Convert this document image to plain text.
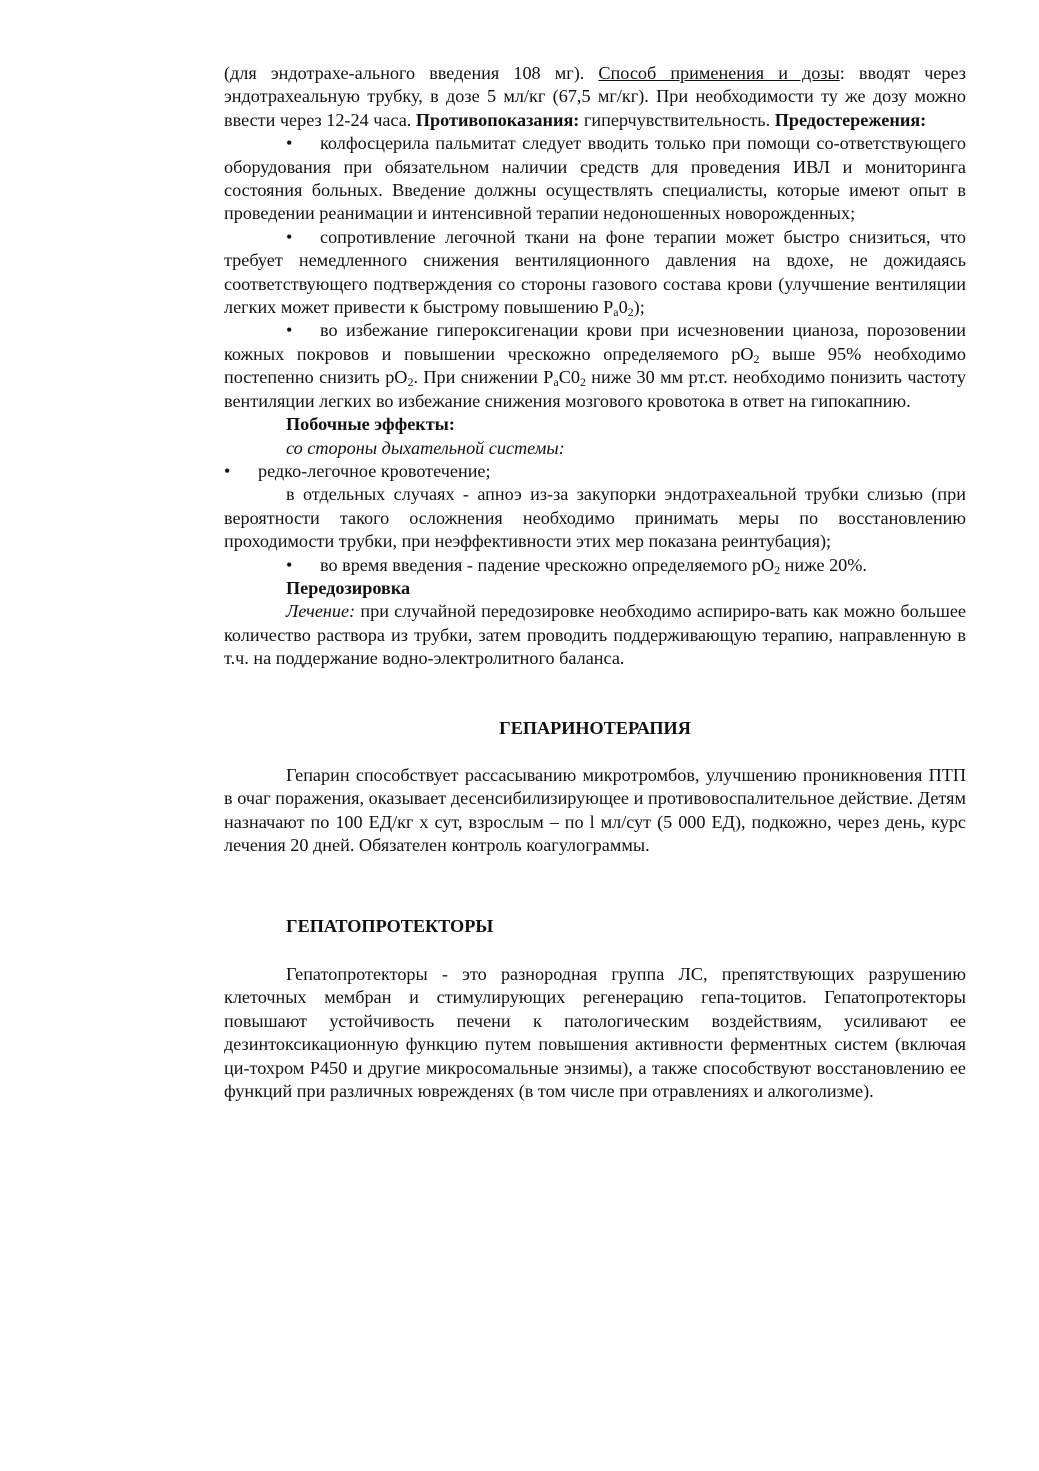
(для эндотрахе-ального введения 108 мг). Способ применения и дозы: вводят через эндотрахеальную трубку, в дозе 5 мл/кг (67,5 мг/кг). При необходимости ту же дозу можно ввести через 12-24 часа. Противопоказания: гиперчувствительность. Предостережения:

• колфосцерила пальмитат следует вводить только при помощи со-ответствующего оборудования при обязательном наличии средств для проведения ИВЛ и мониторинга состояния больных. Введение должны осуществлять специалисты, которые имеют опыт в проведении реанимации и интенсивной терапии недоношенных новорожденных;

• сопротивление легочной ткани на фоне терапии может быстро снизиться, что требует немедленного снижения вентиляционного давления на вдохе, не дожидаясь соответствующего подтверждения со стороны газового состава крови (улучшение вентиляции легких может привести к быстрому повышению $P_a0_2$);

• во избежание гипероксигенации крови при исчезновении цианоза, порозовении кожных покровов и повышении чрескожно определяемого $pO_2$ выше 95% необходимо постепенно снизить $pO_2$. При снижении $P_aC0_2$ ниже 30 мм рт.ст. необходимо понизить частоту вентиляции легких во избежание снижения мозгового кровотока в ответ на гипокапнию.

Побочные эффекты:

со стороны дыхательной системы:

• редко-легочное кровотечение;

в отдельных случаях - апноэ из-за закупорки эндотрахеальной трубки слизью (при вероятности такого осложнения необходимо принимать меры по восстановлению проходимости трубки, при неэффективности этих мер показана реинтубация);

• во время введения - падение чрескожно определяемого $pO_2$ ниже 20%.

Передозировка

Лечение: при случайной передозировке необходимо аспириро-вать как можно большее количество раствора из трубки, затем проводить поддерживающую терапию, направленную в т.ч. на поддержание водно-электролитного баланса.

ГЕПАРИНОТЕРАПИЯ

Гепарин способствует рассасыванию микротромбов, улучшению проникновения ПТП в очаг поражения, оказывает десенсибилизирующее и противовоспалительное действие. Детям назначают по 100 ЕД/кг х сут, взрослым – по l мл/сут (5 000 ЕД), подкожно, через день, курс лечения 20 дней. Обязателен контроль коагулограммы.

ГЕПАТОПРОТЕКТОРЫ

Гепатопротекторы - это разнородная группа ЛС, препятствующих разрушению клеточных мембран и стимулирующих регенерацию гепа-тоцитов. Гепатопротекторы повышают устойчивость печени к патологическим воздействиям, усиливают ее дезинтоксикационную функцию путем повышения активности ферментных систем (включая ци-тохром P450 и другие микросомальные энзимы), а также способствуют восстановлению ее функций при различных юврежденях (в том числе при отравлениях и алкоголизме).
